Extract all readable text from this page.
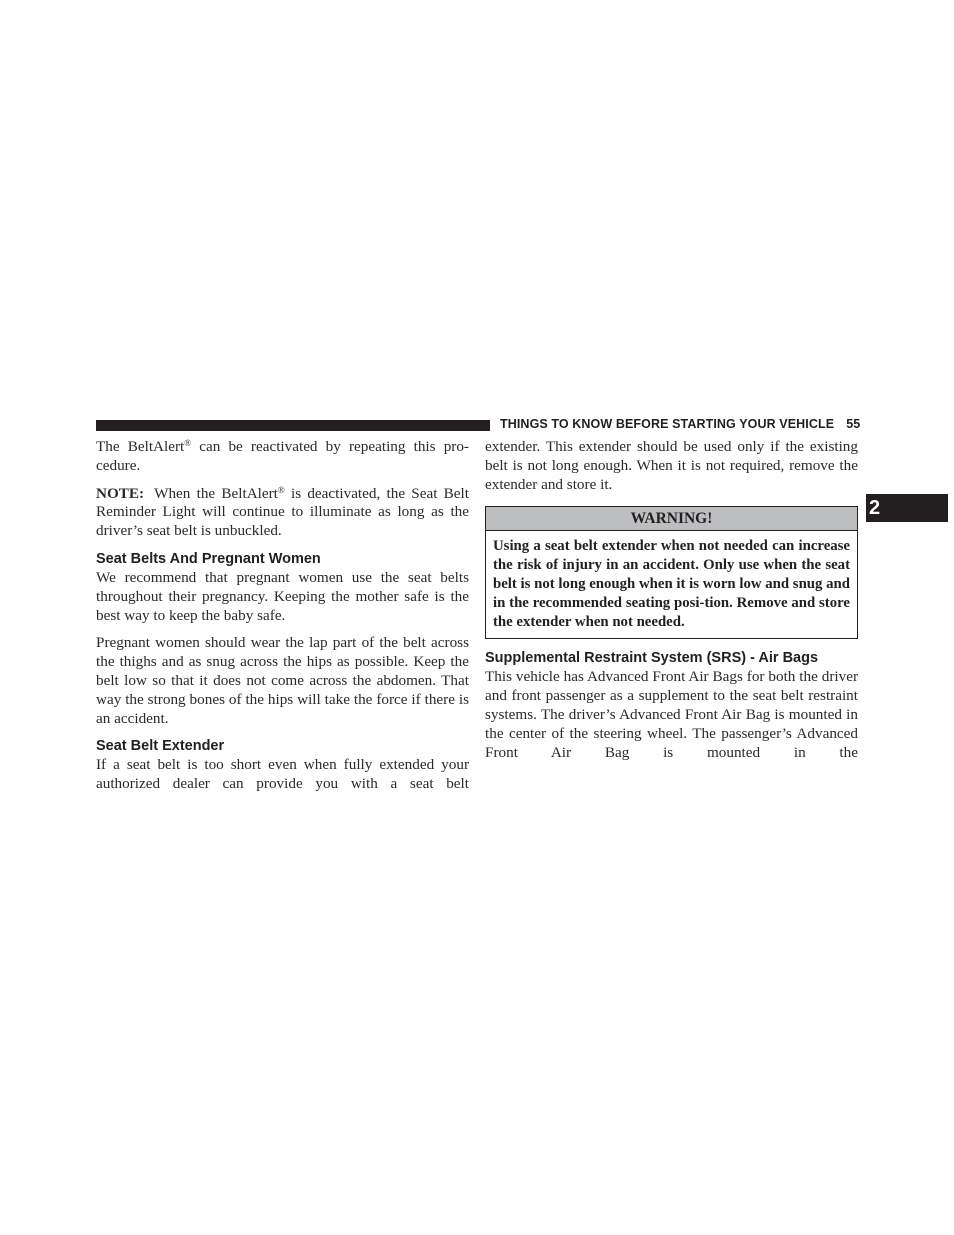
THINGS TO KNOW BEFORE STARTING YOUR VEHICLE 55
2

The BeltAlert® can be reactivated by repeating this pro-cedure.

NOTE: When the BeltAlert® is deactivated, the Seat Belt Reminder Light will continue to illuminate as long as the driver’s seat belt is unbuckled.

Seat Belts And Pregnant Women

We recommend that pregnant women use the seat belts throughout their pregnancy. Keeping the mother safe is the best way to keep the baby safe.

Pregnant women should wear the lap part of the belt across the thighs and as snug across the hips as possible. Keep the belt low so that it does not come across the abdomen. That way the strong bones of the hips will take the force if there is an accident.

Seat Belt Extender

If a seat belt is too short even when fully extended your authorized dealer can provide you with a seat belt

extender. This extender should be used only if the existing belt is not long enough. When it is not required, remove the extender and store it.

WARNING!
Using a seat belt extender when not needed can increase the risk of injury in an accident. Only use when the seat belt is not long enough when it is worn low and snug and in the recommended seating posi-tion. Remove and store the extender when not needed.
Supplemental Restraint System (SRS) - Air Bags

This vehicle has Advanced Front Air Bags for both the driver and front passenger as a supplement to the seat belt restraint systems. The driver’s Advanced Front Air Bag is mounted in the center of the steering wheel. The passenger’s Advanced Front Air Bag is mounted in the
